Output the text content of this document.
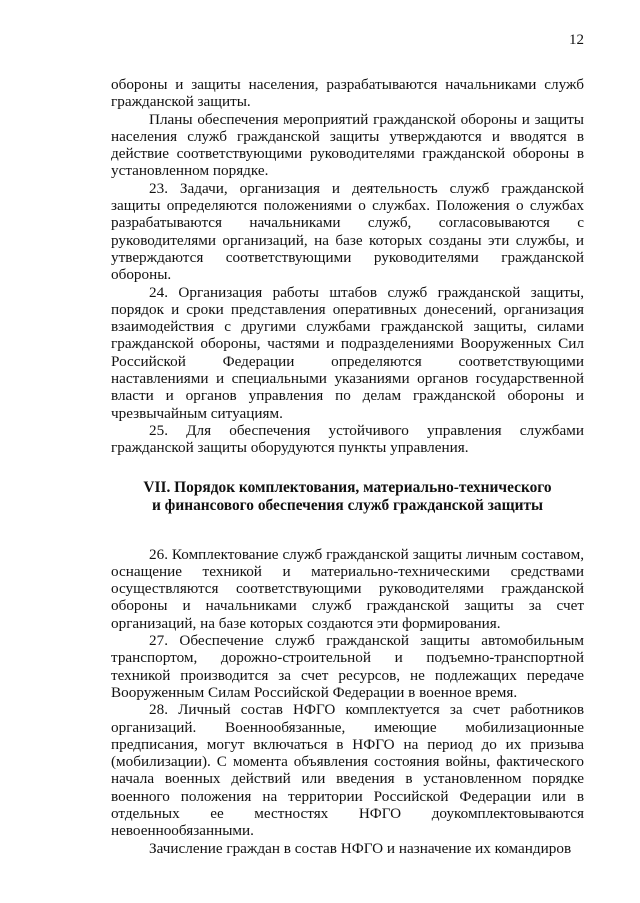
12

обороны и защиты населения, разрабатываются начальниками служб гражданской защиты.

Планы обеспечения мероприятий гражданской обороны и защиты населения служб гражданской защиты утверждаются и вводятся в действие соответствующими руководителями гражданской обороны в установленном порядке.

23. Задачи, организация и деятельность служб гражданской защиты определяются положениями о службах. Положения о службах разрабатываются начальниками служб, согласовываются с руководителями организаций, на базе которых созданы эти службы, и утверждаются соответствующими руководителями гражданской обороны.

24. Организация работы штабов служб гражданской защиты, порядок и сроки представления оперативных донесений, организация взаимодействия с другими службами гражданской защиты, силами гражданской обороны, частями и подразделениями Вооруженных Сил Российской Федерации определяются соответствующими наставлениями и специальными указаниями органов государственной власти и органов управления по делам гражданской обороны и чрезвычайным ситуациям.

25. Для обеспечения устойчивого управления службами гражданской защиты оборудуются пункты управления.

VII. Порядок комплектования, материально-технического
и финансового обеспечения служб гражданской защиты

26. Комплектование служб гражданской защиты личным составом, оснащение техникой и материально-техническими средствами осуществляются соответствующими руководителями гражданской обороны и начальниками служб гражданской защиты за счет организаций, на базе которых создаются эти формирования.

27. Обеспечение служб гражданской защиты автомобильным транспортом, дорожно-строительной и подъемно-транспортной техникой производится за счет ресурсов, не подлежащих передаче Вооруженным Силам Российской Федерации в военное время.

28. Личный состав НФГО комплектуется за счет работников организаций. Военнообязанные, имеющие мобилизационные предписания, могут включаться в НФГО на период до их призыва (мобилизации). С момента объявления состояния войны, фактического начала военных действий или введения в установленном порядке военного положения на территории Российской Федерации или в отдельных ее местностях НФГО доукомплектовываются невоеннообязанными.

Зачисление граждан в состав НФГО и назначение их командиров
